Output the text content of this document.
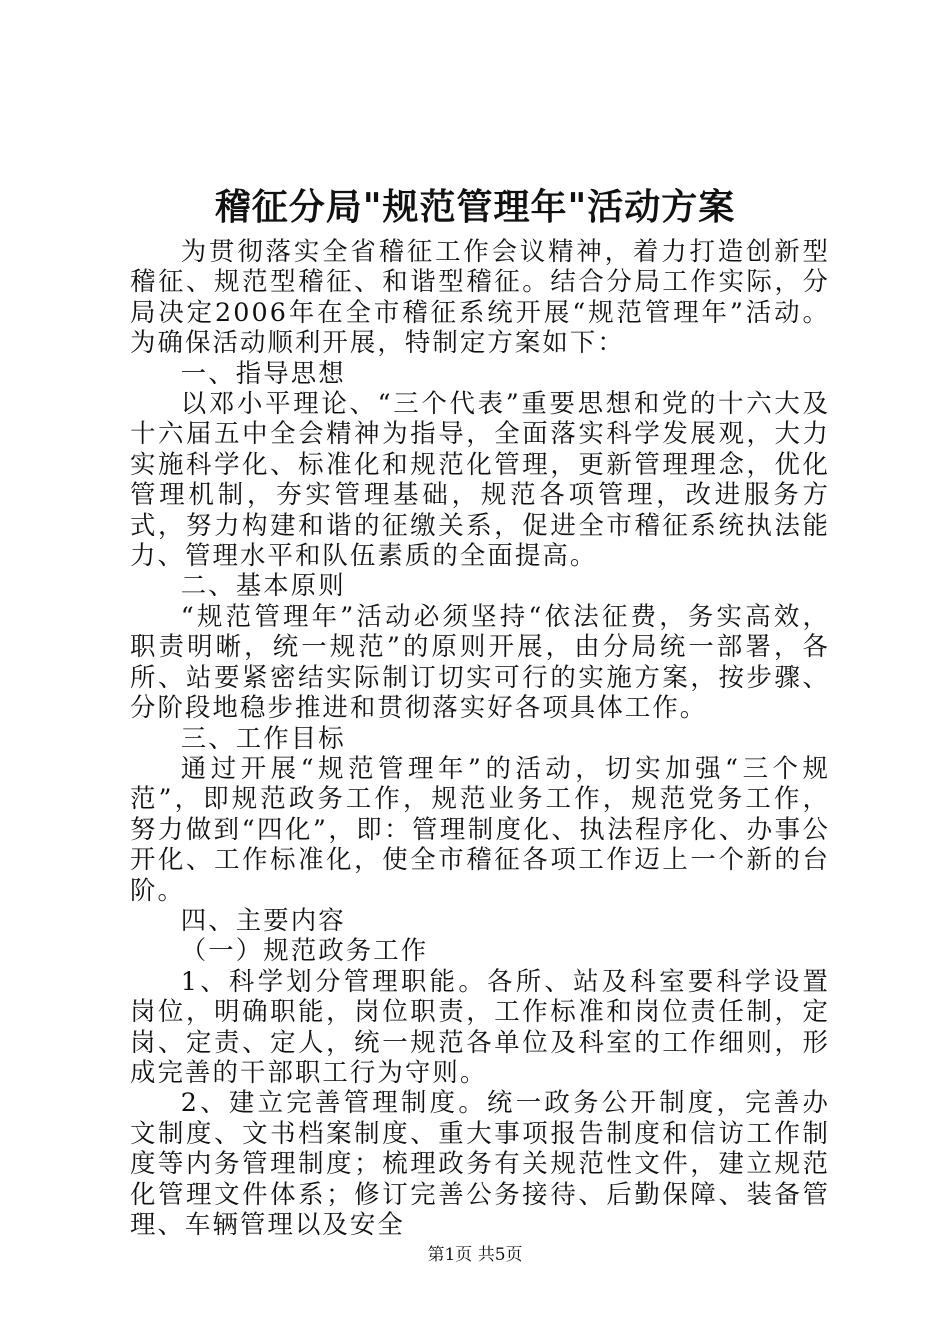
稽征分局"规范管理年"活动方案

为贯彻落实全省稽征工作会议精神，着力打造创新型稽征、规范型稽征、和谐型稽征。结合分局工作实际，分局决定2006年在全市稽征系统开展“规范管理年”活动。为确保活动顺利开展，特制定方案如下：

一、指导思想

以邓小平理论、“三个代表”重要思想和党的十六大及十六届五中全会精神为指导，全面落实科学发展观，大力实施科学化、标准化和规范化管理，更新管理理念，优化管理机制，夯实管理基础，规范各项管理，改进服务方式，努力构建和谐的征缴关系，促进全市稽征系统执法能力、管理水平和队伍素质的全面提高。

二、基本原则

“规范管理年”活动必须坚持“依法征费，务实高效，职责明晰，统一规范”的原则开展，由分局统一部署，各所、站要紧密结实际制订切实可行的实施方案，按步骤、分阶段地稳步推进和贯彻落实好各项具体工作。

三、工作目标

通过开展“规范管理年”的活动，切实加强“三个规范”，即规范政务工作，规范业务工作，规范党务工作，努力做到“四化”，即：管理制度化、执法程序化、办事公开化、工作标准化，使全市稽征各项工作迈上一个新的台阶。

四、主要内容

（一）规范政务工作

1、科学划分管理职能。各所、站及科室要科学设置岗位，明确职能，岗位职责，工作标准和岗位责任制，定岗、定责、定人，统一规范各单位及科室的工作细则，形成完善的干部职工行为守则。

2、建立完善管理制度。统一政务公开制度，完善办文制度、文书档案制度、重大事项报告制度和信访工作制度等内务管理制度；梳理政务有关规范性文件，建立规范化管理文件体系；修订完善公务接待、后勤保障、装备管理、车辆管理以及安全

第1页 共5页
